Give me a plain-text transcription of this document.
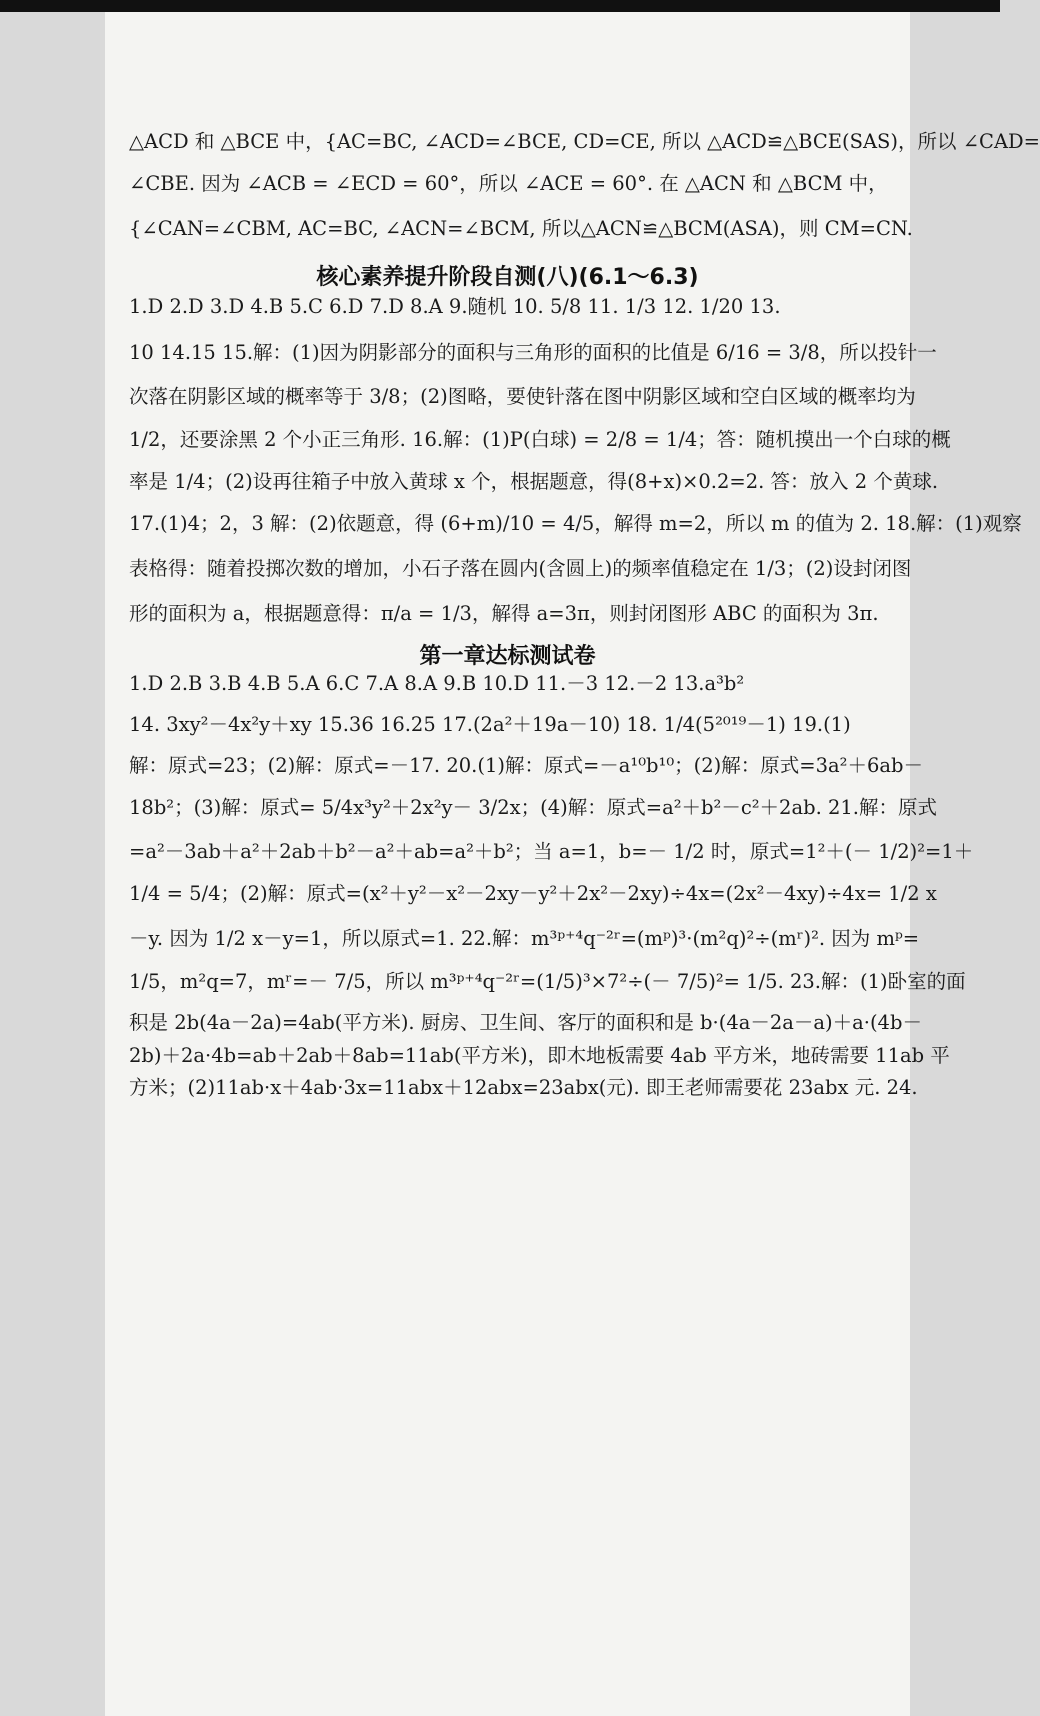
△ACD 和 △BCE 中，{AC=BC, ∠ACD=∠BCE, CD=CE, 所以 △ACD≌△BCE(SAS)，所以 ∠CAD=
∠CBE. 因为 ∠ACB = ∠ECD = 60°，所以 ∠ACE = 60°. 在 △ACN 和 △BCM 中，
{∠CAN=∠CBM, AC=BC, ∠ACN=∠BCM, 所以△ACN≌△BCM(ASA)，则 CM=CN.
核心素养提升阶段自测(八)(6.1～6.3)
1.D 2.D 3.D 4.B 5.C 6.D 7.D 8.A 9.随机 10. 5/8 11. 1/3 12. 1/20 13.
10 14.15 15.解：(1)因为阴影部分的面积与三角形的面积的比值是 6/16 = 3/8，所以投针一
次落在阴影区域的概率等于 3/8；(2)图略，要使针落在图中阴影区域和空白区域的概率均为
1/2，还要涂黑 2 个小正三角形. 16.解：(1)P(白球) = 2/8 = 1/4；答：随机摸出一个白球的概
率是 1/4；(2)设再往箱子中放入黄球 x 个，根据题意，得(8+x)×0.2=2. 答：放入 2 个黄球.
17.(1)4；2，3 解：(2)依题意，得 (6+m)/10 = 4/5，解得 m=2，所以 m 的值为 2. 18.解：(1)观察
表格得：随着投掷次数的增加，小石子落在圆内(含圆上)的频率值稳定在 1/3；(2)设封闭图
形的面积为 a，根据题意得：π/a = 1/3，解得 a=3π，则封闭图形 ABC 的面积为 3π.
第一章达标测试卷
1.D 2.B 3.B 4.B 5.A 6.C 7.A 8.A 9.B 10.D 11.－3 12.－2 13.a³b²
14. 3xy²－4x²y＋xy 15.36 16.25 17.(2a²＋19a－10) 18. 1/4(5²⁰¹⁹－1) 19.(1)
解：原式=23；(2)解：原式=－17. 20.(1)解：原式=－a¹⁰b¹⁰；(2)解：原式=3a²＋6ab－
18b²；(3)解：原式= 5/4x³y²＋2x²y－ 3/2x；(4)解：原式=a²＋b²－c²＋2ab. 21.解：原式
=a²－3ab＋a²＋2ab＋b²－a²＋ab=a²＋b²；当 a=1，b=－ 1/2 时，原式=1²＋(－ 1/2)²=1＋
1/4 = 5/4；(2)解：原式=(x²＋y²－x²－2xy－y²＋2x²－2xy)÷4x=(2x²－4xy)÷4x= 1/2 x
－y. 因为 1/2 x－y=1，所以原式=1. 22.解：m³ᵖ⁺⁴q⁻²ʳ=(mᵖ)³·(m²q)²÷(mʳ)². 因为 mᵖ=
1/5，m²q=7，mʳ=－ 7/5，所以 m³ᵖ⁺⁴q⁻²ʳ=(1/5)³×7²÷(－ 7/5)²= 1/5. 23.解：(1)卧室的面
积是 2b(4a－2a)=4ab(平方米). 厨房、卫生间、客厅的面积和是 b·(4a－2a－a)＋a·(4b－
2b)＋2a·4b=ab＋2ab＋8ab=11ab(平方米)，即木地板需要 4ab 平方米，地砖需要 11ab 平
方米；(2)11ab·x＋4ab·3x=11abx＋12abx=23abx(元). 即王老师需要花 23abx 元. 24.
